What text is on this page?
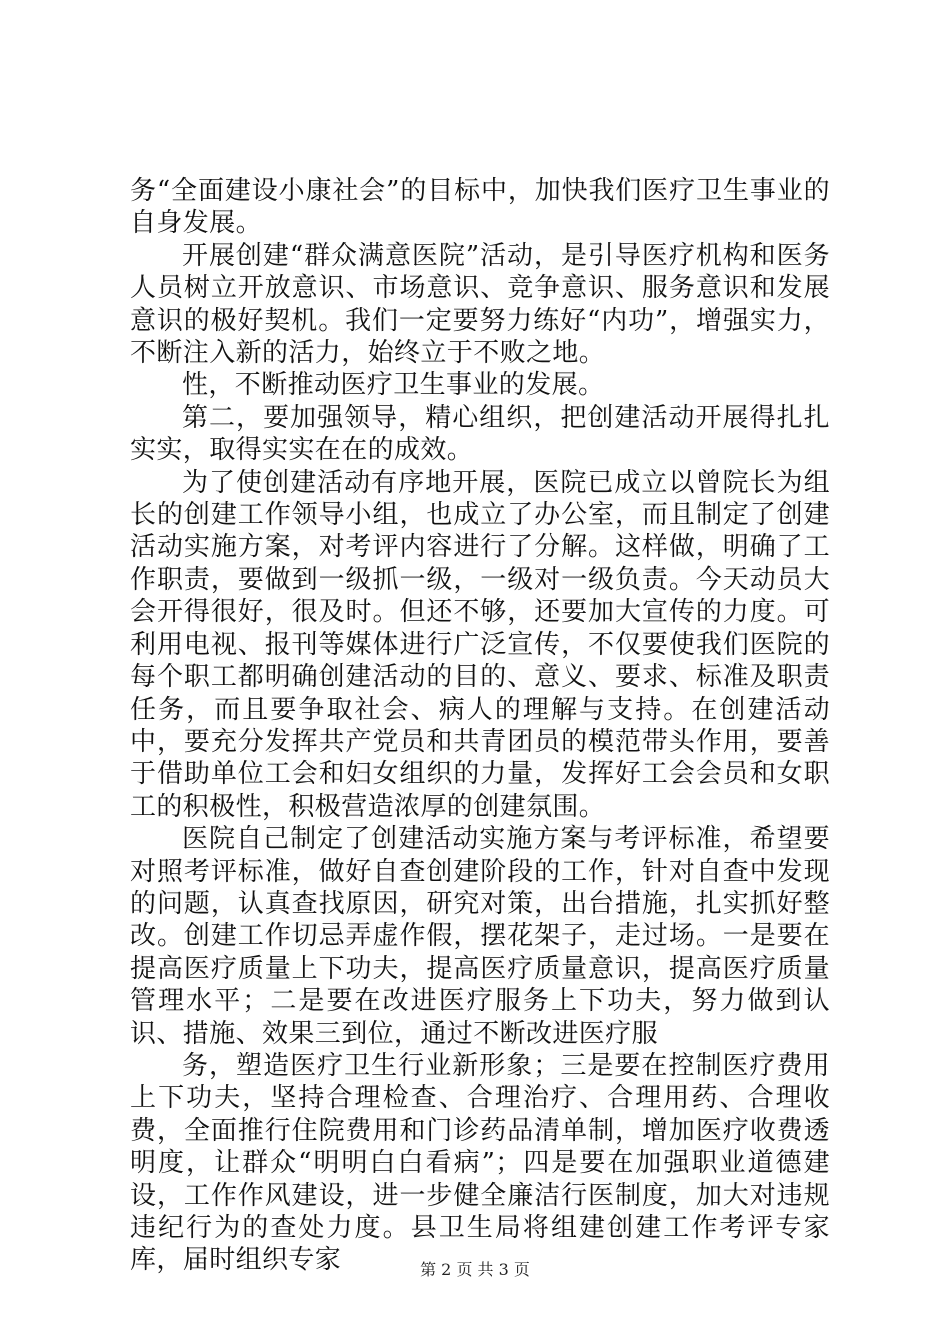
务“全面建设小康社会”的目标中，加快我们医疗卫生事业的自身发展。

开展创建“群众满意医院”活动，是引导医疗机构和医务人员树立开放意识、市场意识、竞争意识、服务意识和发展意识的极好契机。我们一定要努力练好“内功”，增强实力，不断注入新的活力，始终立于不败之地。

性，不断推动医疗卫生事业的发展。

第二，要加强领导，精心组织，把创建活动开展得扎扎实实，取得实实在在的成效。

为了使创建活动有序地开展，医院已成立以曾院长为组长的创建工作领导小组，也成立了办公室，而且制定了创建活动实施方案，对考评内容进行了分解。这样做，明确了工作职责，要做到一级抓一级，一级对一级负责。今天动员大会开得很好，很及时。但还不够，还要加大宣传的力度。可利用电视、报刊等媒体进行广泛宣传，不仅要使我们医院的每个职工都明确创建活动的目的、意义、要求、标准及职责任务，而且要争取社会、病人的理解与支持。在创建活动中，要充分发挥共产党员和共青团员的模范带头作用，要善于借助单位工会和妇女组织的力量，发挥好工会会员和女职工的积极性，积极营造浓厚的创建氛围。

医院自己制定了创建活动实施方案与考评标准，希望要对照考评标准，做好自查创建阶段的工作，针对自查中发现的问题，认真查找原因，研究对策，出台措施，扎实抓好整改。创建工作切忌弄虚作假，摆花架子，走过场。一是要在提高医疗质量上下功夫，提高医疗质量意识，提高医疗质量管理水平；二是要在改进医疗服务上下功夫，努力做到认识、措施、效果三到位，通过不断改进医疗服

务，塑造医疗卫生行业新形象；三是要在控制医疗费用上下功夫，坚持合理检查、合理治疗、合理用药、合理收费，全面推行住院费用和门诊药品清单制，增加医疗收费透明度，让群众“明明白白看病”；四是要在加强职业道德建设，工作作风建设，进一步健全廉洁行医制度，加大对违规违纪行为的查处力度。县卫生局将组建创建工作考评专家库，届时组织专家	第 2 页 共 3 页
